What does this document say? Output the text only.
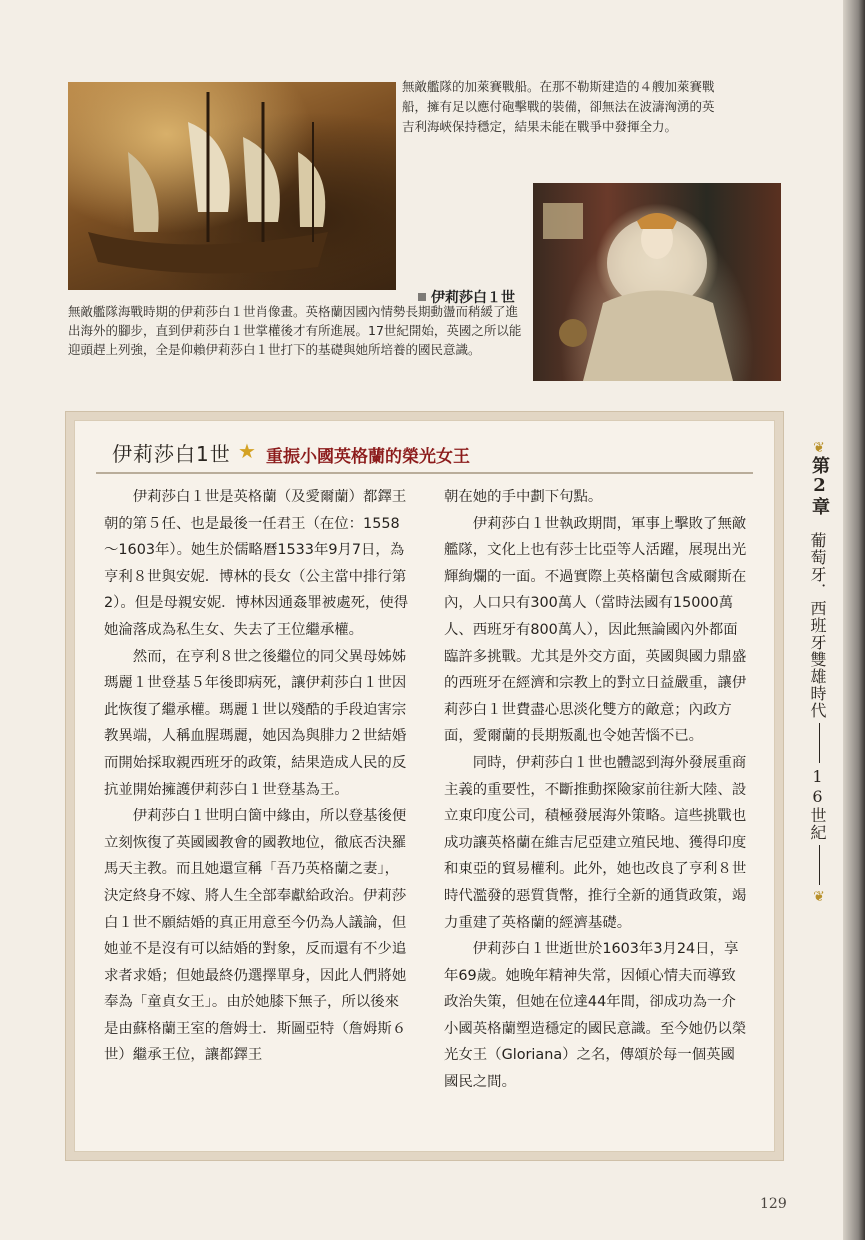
無敵艦隊的加萊賽戰船。在那不勒斯建造的４艘加萊賽戰船，擁有足以應付砲擊戰的裝備，卻無法在波濤洶湧的英吉利海峽保持穩定，結果未能在戰爭中發揮全力。
伊莉莎白１世
無敵艦隊海戰時期的伊莉莎白１世肖像畫。英格蘭因國內情勢長期動盪而稍緩了進出海外的腳步，直到伊莉莎白１世掌權後才有所進展。17世紀開始，英國之所以能迎頭趕上列強，全是仰賴伊莉莎白１世打下的基礎與她所培養的國民意識。
伊莉莎白1世 ★ 重振小國英格蘭的榮光女王

伊莉莎白１世是英格蘭（及愛爾蘭）都鐸王朝的第５任、也是最後一任君王（在位：1558～1603年）。她生於儒略曆1533年9月7日，為亨利８世與安妮．博林的長女（公主當中排行第2）。但是母親安妮．博林因通姦罪被處死，使得她淪落成為私生女、失去了王位繼承權。

然而，在亨利８世之後繼位的同父異母姊姊瑪麗１世登基５年後即病死，讓伊莉莎白１世因此恢復了繼承權。瑪麗１世以殘酷的手段迫害宗教異端，人稱血腥瑪麗，她因為與腓力２世結婚而開始採取親西班牙的政策，結果造成人民的反抗並開始擁護伊莉莎白１世登基為王。

伊莉莎白１世明白箇中緣由，所以登基後便立刻恢復了英國國教會的國教地位，徹底否決羅馬天主教。而且她還宣稱「吾乃英格蘭之妻」，決定終身不嫁、將人生全部奉獻給政治。伊莉莎白１世不願結婚的真正用意至今仍為人議論，但她並不是沒有可以結婚的對象，反而還有不少追求者求婚；但她最終仍選擇單身，因此人們將她奉為「童貞女王」。由於她膝下無子，所以後來是由蘇格蘭王室的詹姆士．斯圖亞特（詹姆斯６世）繼承王位，讓都鐸王

朝在她的手中劃下句點。

伊莉莎白１世執政期間，軍事上擊敗了無敵艦隊，文化上也有莎士比亞等人活躍，展現出光輝絢爛的一面。不過實際上英格蘭包含威爾斯在內，人口只有300萬人（當時法國有15000萬人、西班牙有800萬人），因此無論國內外都面臨許多挑戰。尤其是外交方面，英國與國力鼎盛的西班牙在經濟和宗教上的對立日益嚴重，讓伊莉莎白１世費盡心思淡化雙方的敵意；內政方面，愛爾蘭的長期叛亂也令她苦惱不已。

同時，伊莉莎白１世也體認到海外發展重商主義的重要性，不斷推動探險家前往新大陸、設立東印度公司，積極發展海外策略。這些挑戰也成功讓英格蘭在維吉尼亞建立殖民地、獲得印度和東亞的貿易權利。此外，她也改良了亨利８世時代濫發的惡質貨幣，推行全新的通貨政策，竭力重建了英格蘭的經濟基礎。

伊莉莎白１世逝世於1603年3月24日，享年69歲。她晚年精神失常，因傾心情夫而導致政治失策，但她在位達44年間，卻成功為一介小國英格蘭塑造穩定的國民意識。至今她仍以榮光女王（Gloriana）之名，傳頌於每一個英國國民之間。

❦
第2章
葡萄牙．西班牙雙雄時代
16世紀
❦
129
